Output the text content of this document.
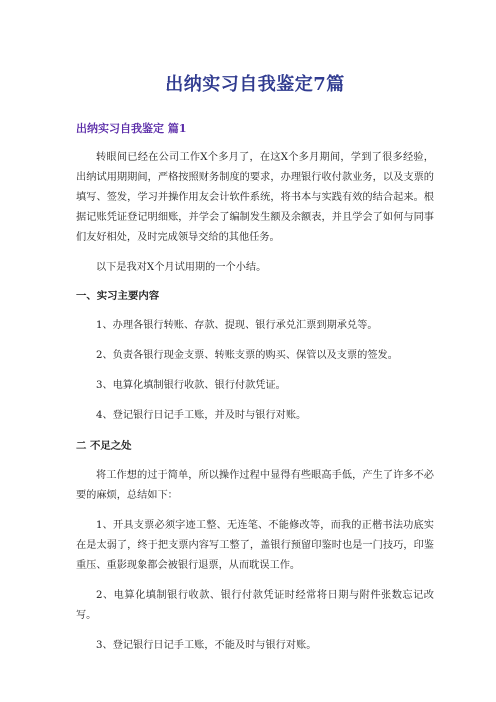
出纳实习自我鉴定7篇
出纳实习自我鉴定 篇1

转眼间已经在公司工作X个多月了，在这X个多月期间，学到了很多经验，出纳试用期期间，严格按照财务制度的要求，办理银行收付款业务，以及支票的填写、签发，学习并操作用友会计软件系统，将书本与实践有效的结合起来。根据记账凭证登记明细账，并学会了编制发生额及余额表，并且学会了如何与同事们友好相处，及时完成领导交给的其他任务。

以下是我对X个月试用期的一个小结。

一、实习主要内容

1、办理各银行转账、存款、提现、银行承兑汇票到期承兑等。

2、负责各银行现金支票、转账支票的购买、保管以及支票的签发。

3、电算化填制银行收款、银行付款凭证。

4、登记银行日记手工账，并及时与银行对账。

二 不足之处

将工作想的过于简单，所以操作过程中显得有些眼高手低，产生了许多不必要的麻烦，总结如下：

1、开具支票必须字迹工整、无连笔、不能修改等，而我的正楷书法功底实在是太弱了，终于把支票内容写工整了，盖银行预留印鉴时也是一门技巧，印鉴重压、重影现象都会被银行退票，从而耽误工作。

2、电算化填制银行收款、银行付款凭证时经常将日期与附件张数忘记改写。

3、登记银行日记手工账，不能及时与银行对账。
